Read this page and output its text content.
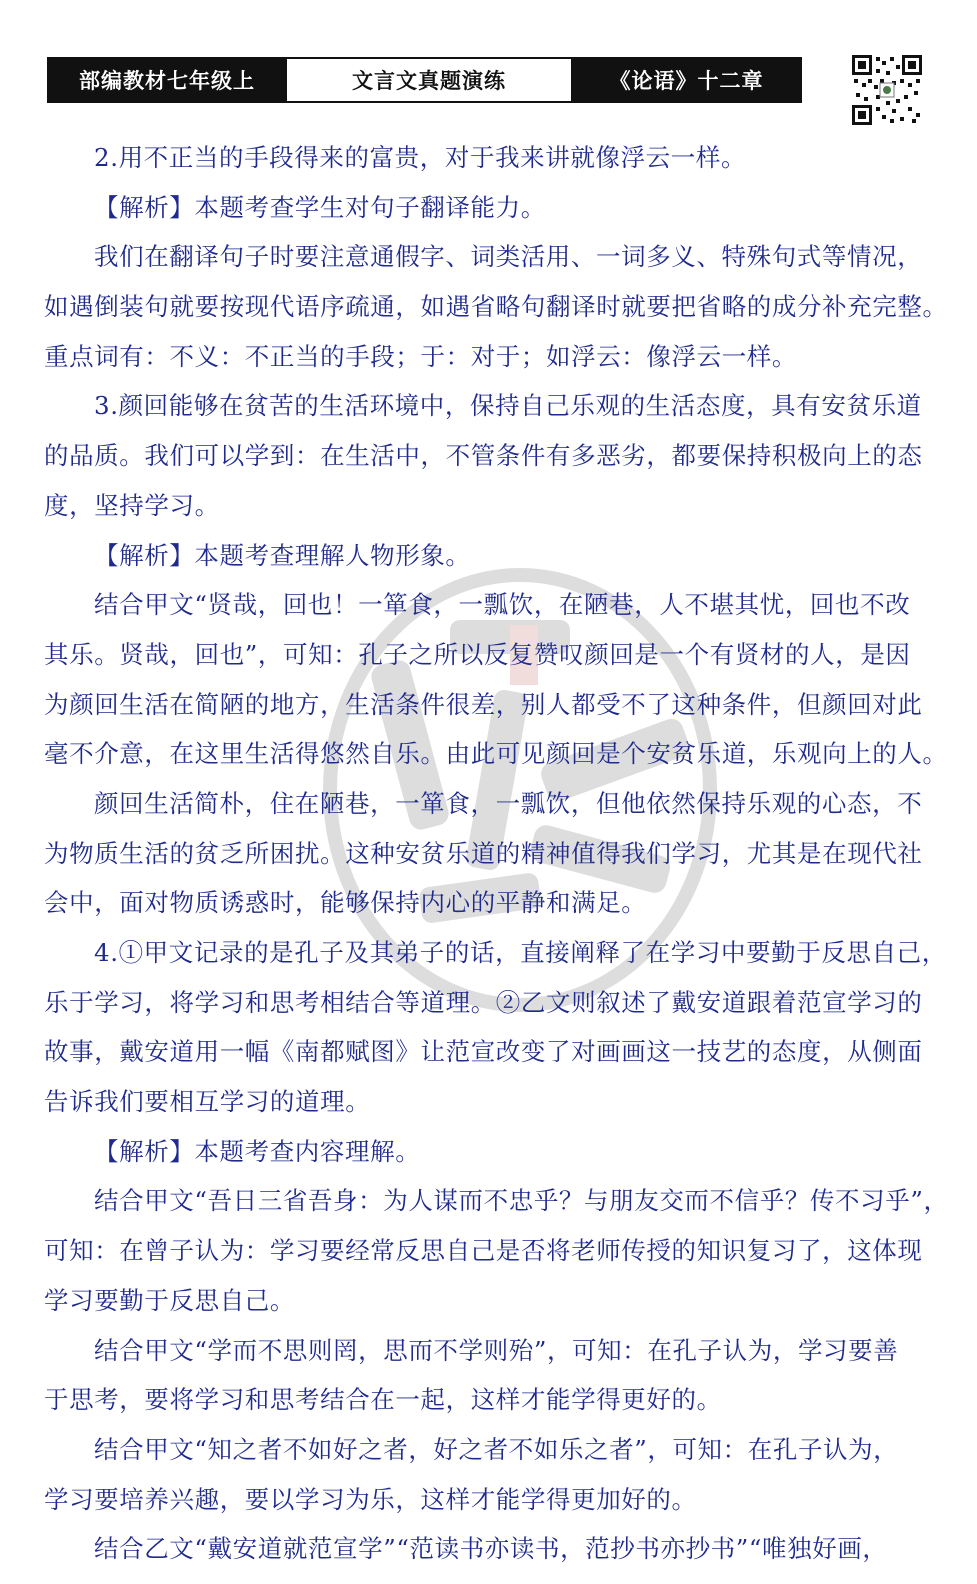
部编教材七年级上	文言文真题演练	《论语》十二章
2.用不正当的手段得来的富贵，对于我来讲就像浮云一样。
【解析】本题考查学生对句子翻译能力。
我们在翻译句子时要注意通假字、词类活用、一词多义、特殊句式等情况，
如遇倒装句就要按现代语序疏通，如遇省略句翻译时就要把省略的成分补充完整。
重点词有：不义：不正当的手段；于：对于；如浮云：像浮云一样。
3.颜回能够在贫苦的生活环境中，保持自己乐观的生活态度，具有安贫乐道
的品质。我们可以学到：在生活中，不管条件有多恶劣，都要保持积极向上的态
度，坚持学习。
【解析】本题考查理解人物形象。
结合甲文“贤哉，回也！一箪食，一瓢饮，在陋巷，人不堪其忧，回也不改
其乐。贤哉，回也”，可知：孔子之所以反复赞叹颜回是一个有贤材的人，是因
为颜回生活在简陋的地方，生活条件很差，别人都受不了这种条件，但颜回对此
毫不介意，在这里生活得悠然自乐。由此可见颜回是个安贫乐道，乐观向上的人。
颜回生活简朴，住在陋巷，一箪食，一瓢饮，但他依然保持乐观的心态，不
为物质生活的贫乏所困扰。这种安贫乐道的精神值得我们学习，尤其是在现代社
会中，面对物质诱惑时，能够保持内心的平静和满足。
4.①甲文记录的是孔子及其弟子的话，直接阐释了在学习中要勤于反思自己，
乐于学习，将学习和思考相结合等道理。②乙文则叙述了戴安道跟着范宣学习的
故事，戴安道用一幅《南都赋图》让范宣改变了对画画这一技艺的态度，从侧面
告诉我们要相互学习的道理。
【解析】本题考查内容理解。
结合甲文“吾日三省吾身：为人谋而不忠乎？与朋友交而不信乎？传不习乎”，
可知：在曾子认为：学习要经常反思自己是否将老师传授的知识复习了，这体现
学习要勤于反思自己。
结合甲文“学而不思则罔，思而不学则殆”，可知：在孔子认为，学习要善
于思考，要将学习和思考结合在一起，这样才能学得更好的。
结合甲文“知之者不如好之者，好之者不如乐之者”，可知：在孔子认为，
学习要培养兴趣，要以学习为乐，这样才能学得更加好的。
结合乙文“戴安道就范宣学”“范读书亦读书，范抄书亦抄书”“唯独好画，
